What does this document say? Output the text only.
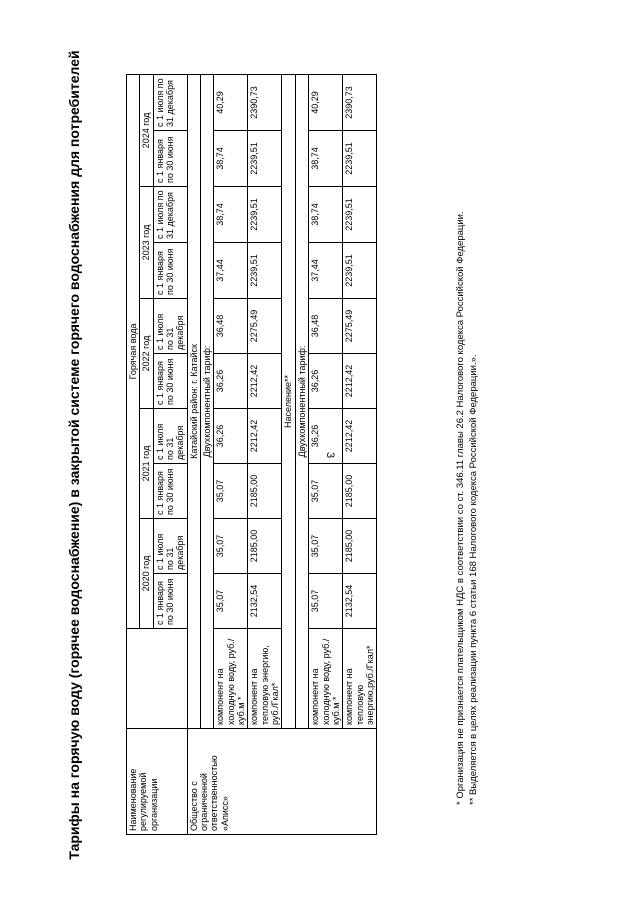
3
Тарифы на горячую воду (горячее водоснабжение) в закрытой системе горячего водоснабжения для потребителей	Наименование регулируемой организации		Горячая вода									
		2020 год		2021 год		2022 год		2023 год		2024 год	
		с 1 января по 30 июня	с 1 июля по 31 декабря	с 1 января по 30 июня	с 1 июля по 31 декабря	с 1 января по 30 июня	с 1 июля по 31 декабря	с 1 января по 30 июня	с 1 июля по 31 декабря	с 1 января по 30 июня	с 1 июля по 31 декабря
Общество с ограниченной ответственностью «Аписс»	Катайский район: г. Катайск										
	Двухкомпонентный тариф:										
	компонент на холодную воду, руб./куб.м *	35,07	35,07	35,07	36,26	36,26	36,48	37,44	38,74	38,74	40,29
	компонент на тепловую энергию, руб./Гкал*	2132,54	2185,00	2185,00	2212,42	2212,42	2275,49	2239,51	2239,51	2239,51	2390,73
	Население**										
	Двухкомпонентный тариф:										
	компонент на холодную воду, руб./куб.м *	35,07	35,07	35,07	36,26	36,26	36,48	37,44	38,74	38,74	40,29
	компонент на тепловую энергию,руб./Гкал*	2132,54	2185,00	2185,00	2212,42	2212,42	2275,49	2239,51	2239,51	2239,51	2390,73
* Организация не признается плательщиком НДС в соответствии со ст. 346.11 главы 26.2 Налогового кодекса Российской Федерации. ** Выделяется в целях реализации пункта 6 статьи 168 Налогового кодекса Российской Федерации.».
